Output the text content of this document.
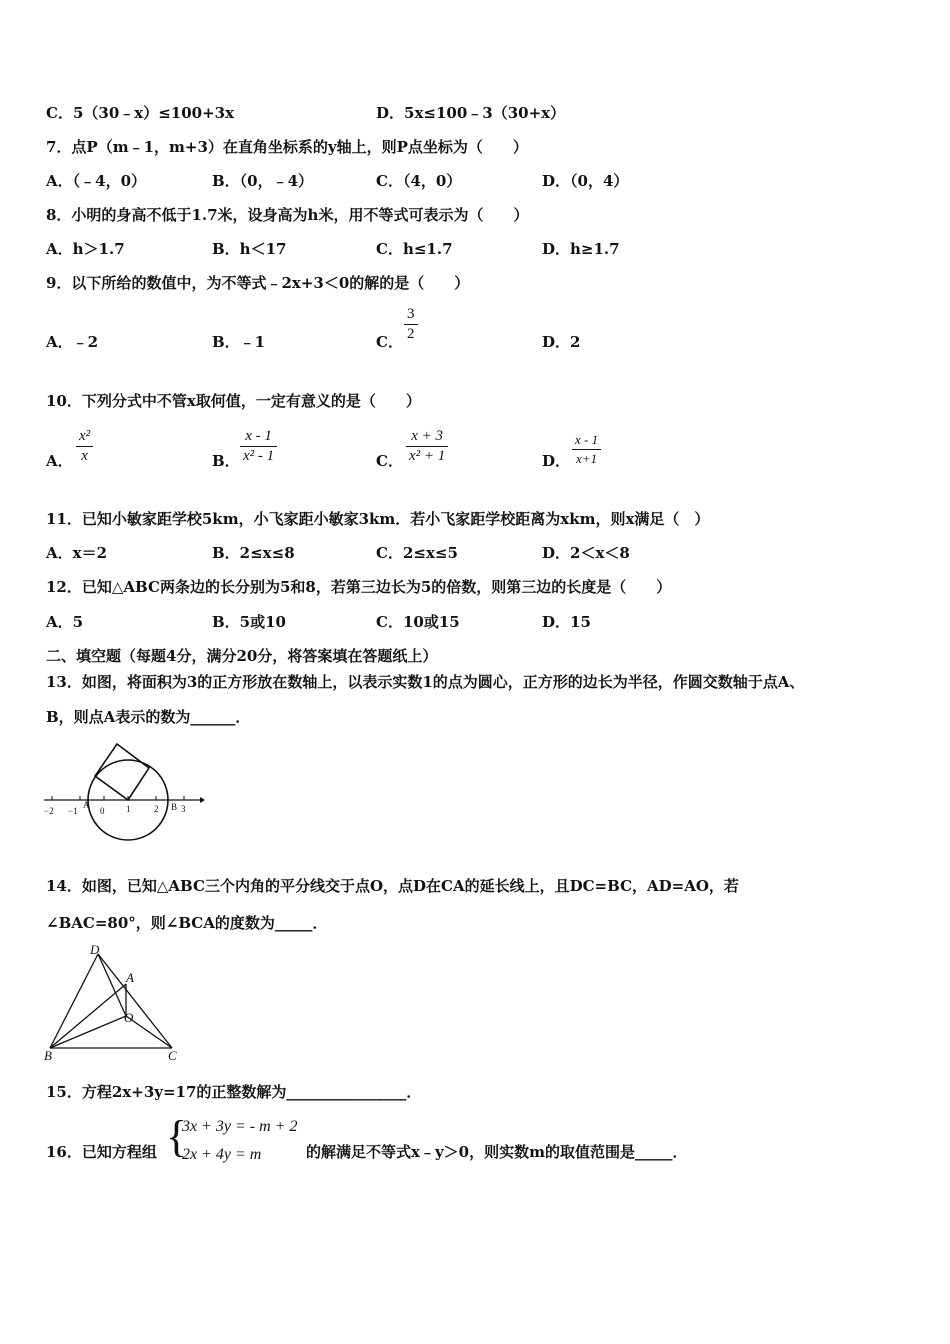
C．5（30﹣x）≤100+3x	D．5x≤100﹣3（30+x）
7．点P（m﹣1，m+3）在直角坐标系的y轴上，则P点坐标为（　　）
A．（﹣4，0）	B．（0，﹣4）	C．（4，0）	D．（0，4）
8．小明的身高不低于1.7米，设身高为h米，用不等式可表示为（　　）
A．h＞1.7	B．h＜17	C．h≤1.7	D．h≥1.7
9．以下所给的数值中，为不等式﹣2x+3＜0的解的是（　　）
A．﹣2	B．﹣1	C．
3
2	D．2
10．下列分式中不管x取何值，一定有意义的是（　　）
A．
x²
x	B．
x - 1
x² - 1	C．
x + 3
x² + 1	D．
x - 1
x+1
11．已知小敏家距学校5km，小飞家距小敏家3km．若小飞家距学校距离为xkm，则x满足（　）
A．x＝2	B．2≤x≤8	C．2≤x≤5	D．2＜x＜8
12．已知△ABC两条边的长分别为5和8，若第三边长为5的倍数，则第三边的长度是（　　）
A．5	B．5或10	C．10或15	D．15
二、填空题（每题4分，满分20分，将答案填在答题纸上）
13．如图，将面积为3的正方形放在数轴上，以表示实数1的点为圆心，正方形的边长为半径，作圆交数轴于点A、
B，则点A表示的数为______．
−2 −1
A
0 1	2 B 3
14．如图，已知△ABC三个内角的平分线交于点O，点D在CA的延长线上，且DC=BC，AD=AO，若
∠BAC=80°，则∠BCA的度数为_____．
D
A
O
B	C
15．方程2x+3y=17的正整数解为________________．
16．已知方程组 {
3x + 3y = - m + 2
2x + 4y = m	的解满足不等式x﹣y＞0，则实数m的取值范围是_____．
